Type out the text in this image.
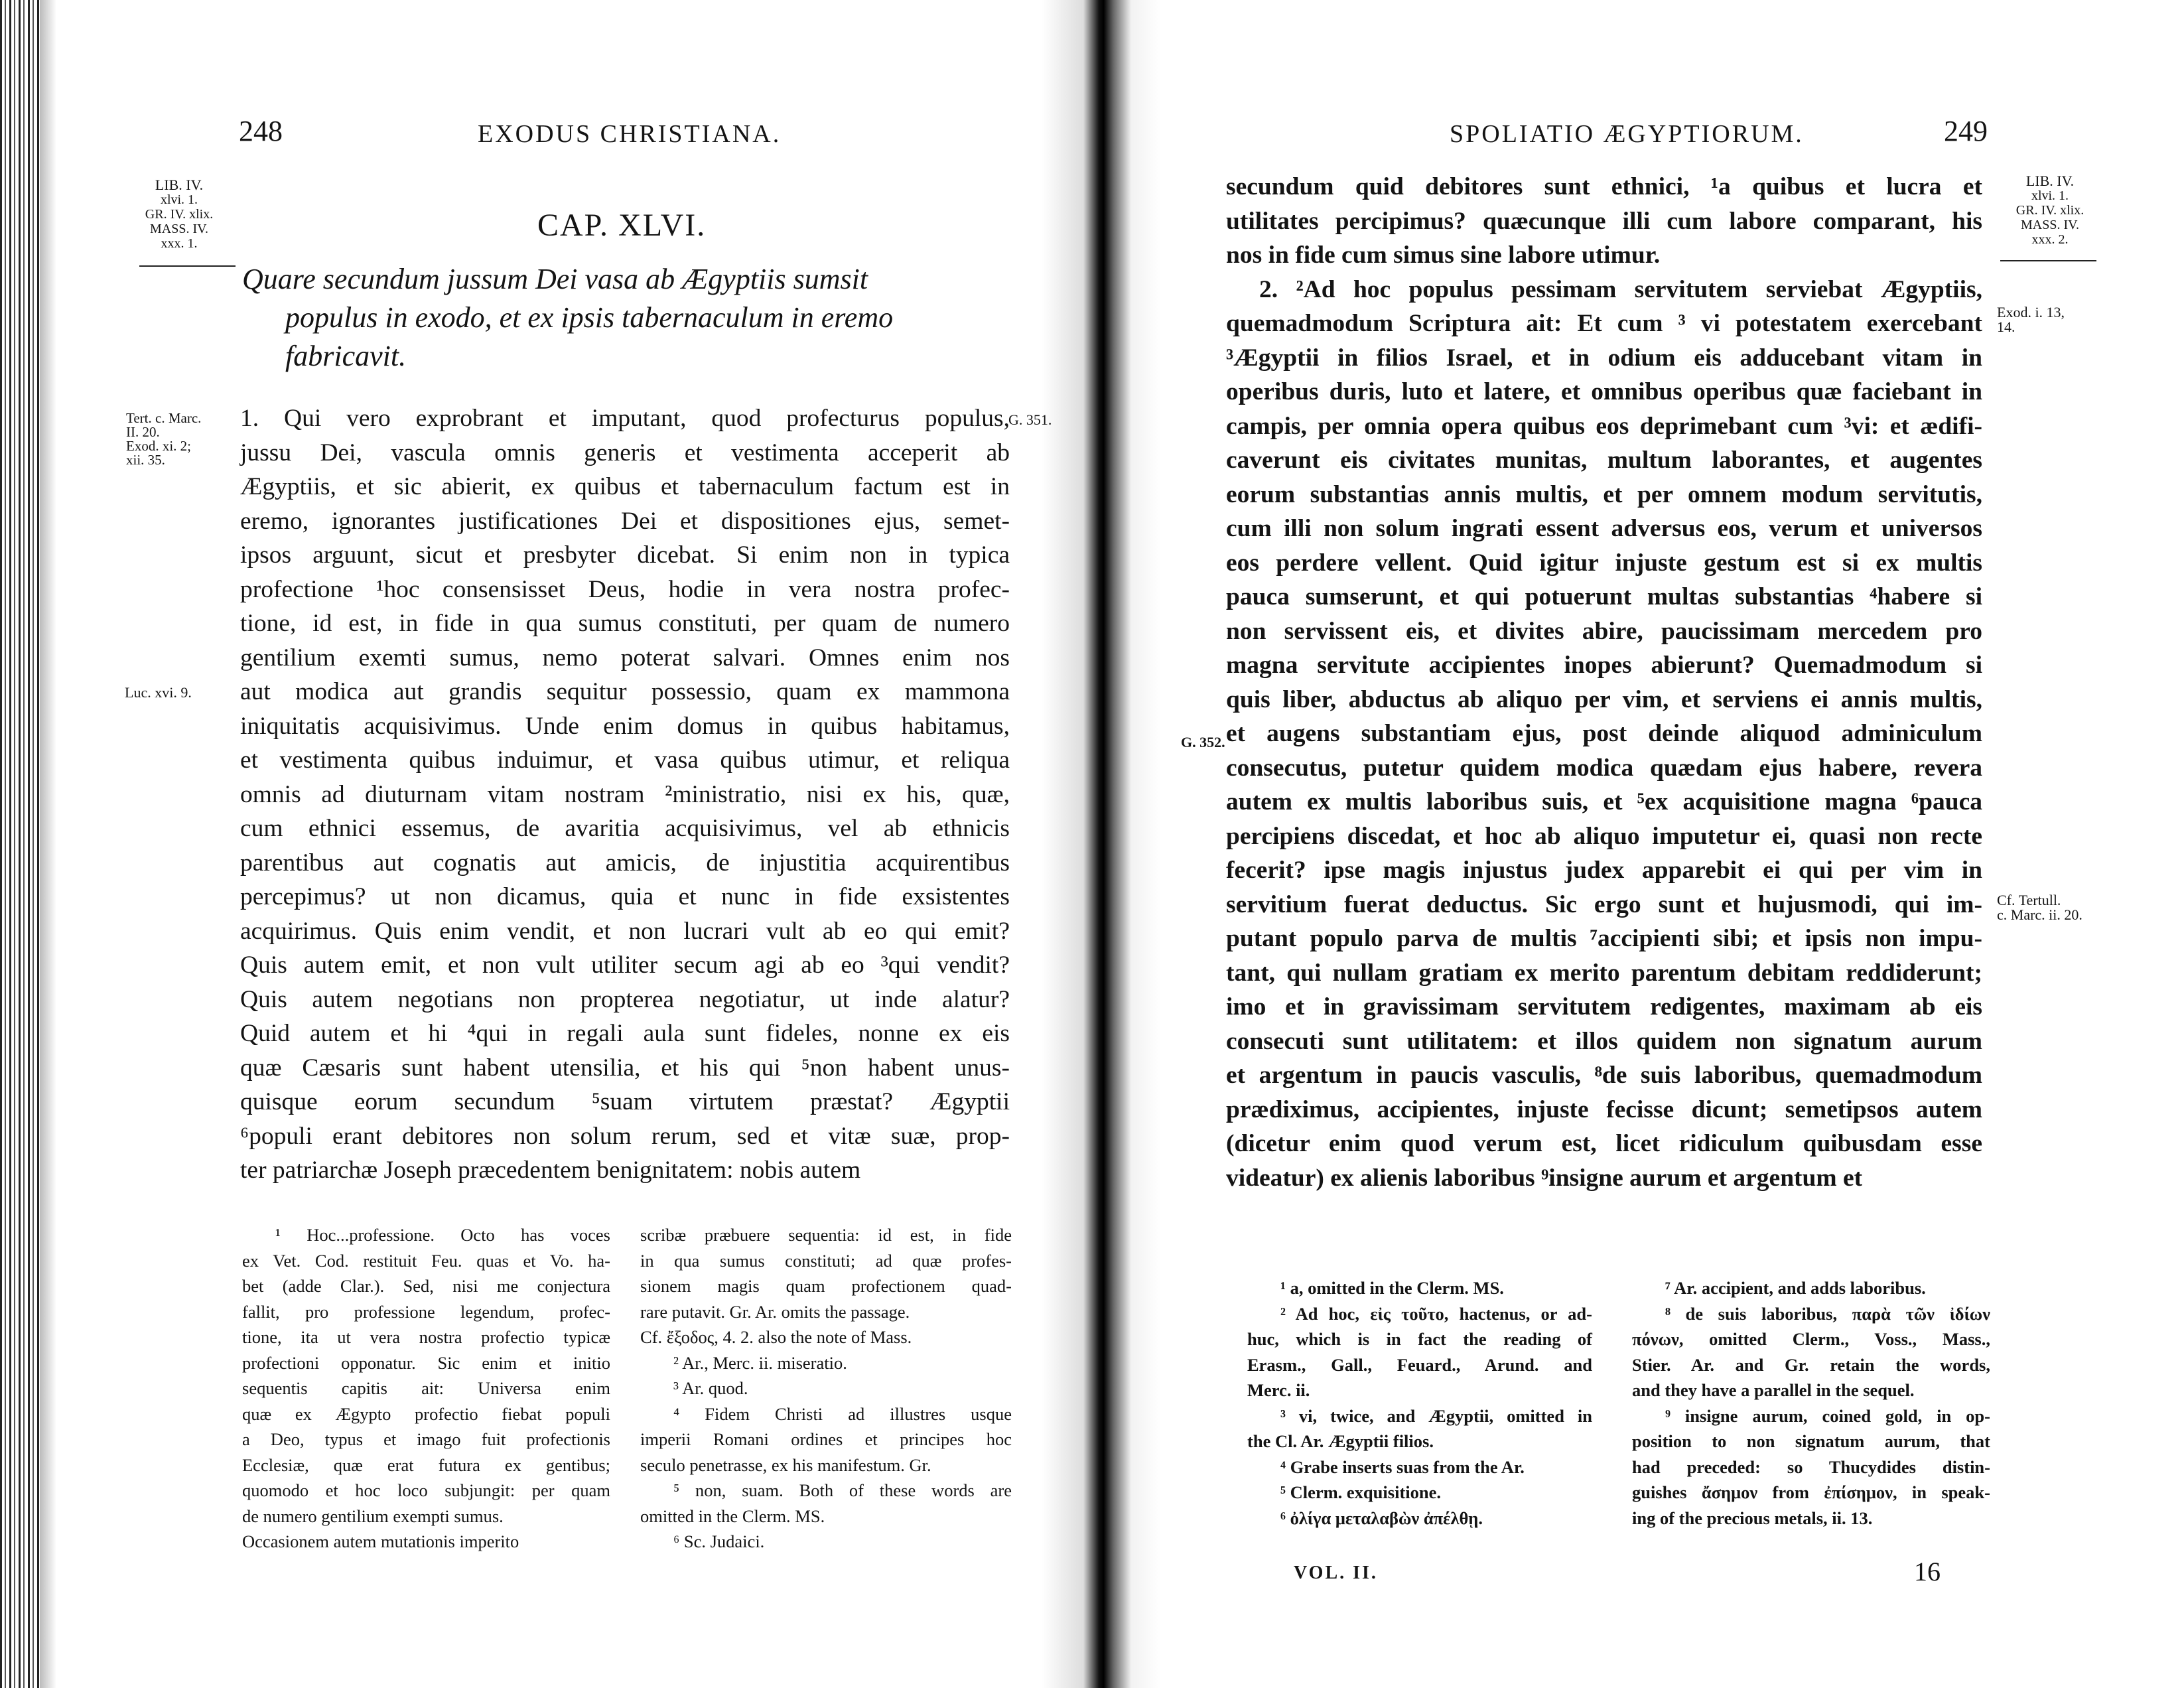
248	EXODUS CHRISTIANA.
LIB. IV.
xlvi. 1.
GR. IV. xlix.
MASS. IV.
xxx. 1.
CAP. XLVI.
Quare secundum jussum Dei vasa ab Ægyptiis sumsit
populus in exodo, et ex ipsis tabernaculum in eremo
fabricavit.
Tert. c. Marc.
II. 20.
Exod. xi. 2;
xii. 35.
G. 351.
Luc. xvi. 9.
1. Qui vero exprobrant et imputant, quod profecturus populus,
jussu Dei, vascula omnis generis et vestimenta acceperit ab
Ægyptiis, et sic abierit, ex quibus et tabernaculum factum est in
eremo, ignorantes justificationes Dei et dispositiones ejus, semet-
ipsos arguunt, sicut et presbyter dicebat. Si enim non in typica
profectione ¹hoc consensisset Deus, hodie in vera nostra profec-
tione, id est, in fide in qua sumus constituti, per quam de numero
gentilium exemti sumus, nemo poterat salvari. Omnes enim nos
aut modica aut grandis sequitur possessio, quam ex mammona
iniquitatis acquisivimus. Unde enim domus in quibus habitamus,
et vestimenta quibus induimur, et vasa quibus utimur, et reliqua
omnis ad diuturnam vitam nostram ²ministratio, nisi ex his, quæ,
cum ethnici essemus, de avaritia acquisivimus, vel ab ethnicis
parentibus aut cognatis aut amicis, de injustitia acquirentibus
percepimus? ut non dicamus, quia et nunc in fide exsistentes
acquirimus. Quis enim vendit, et non lucrari vult ab eo qui emit?
Quis autem emit, et non vult utiliter secum agi ab eo ³qui vendit?
Quis autem negotians non propterea negotiatur, ut inde alatur?
Quid autem et hi ⁴qui in regali aula sunt fideles, nonne ex eis
quæ Cæsaris sunt habent utensilia, et his qui ⁵non habent unus-
quisque eorum secundum ⁵suam virtutem præstat? Ægyptii
⁶populi erant debitores non solum rerum, sed et vitæ suæ, prop-
ter patriarchæ Joseph præcedentem benignitatem: nobis autem
¹ Hoc...professione. Octo has voces
ex Vet. Cod. restituit Feu. quas et Vo. ha-
bet (adde Clar.). Sed, nisi me conjectura
fallit, pro professione legendum, profec-
tione, ita ut vera nostra profectio typicæ
profectioni opponatur. Sic enim et initio
sequentis capitis ait: Universa enim
quæ ex Ægypto profectio fiebat populi
a Deo, typus et imago fuit profectionis
Ecclesiæ, quæ erat futura ex gentibus;
quomodo et hoc loco subjungit: per quam
de numero gentilium exempti sumus.
Occasionem autem mutationis imperito
scribæ præbuere sequentia: id est, in fide
in qua sumus constituti; ad quæ profes-
sionem magis quam profectionem quad-
rare putavit. Gr. Ar. omits the passage.
Cf. ἔξοδος, 4. 2. also the note of Mass.
² Ar., Merc. ii. miseratio.
³ Ar. quod.
⁴ Fidem Christi ad illustres usque
imperii Romani ordines et principes hoc
seculo penetrasse, ex his manifestum. Gr.
⁵ non, suam. Both of these words are
omitted in the Clerm. MS.
⁶ Sc. Judaici.
SPOLIATIO ÆGYPTIORUM.	249
LIB. IV.
xlvi. 1.
GR. IV. xlix.
MASS. IV.
xxx. 2.
Exod. i. 13,
14.
G. 352.
Cf. Tertull.
c. Marc. ii. 20.
secundum quid debitores sunt ethnici, ¹a quibus et lucra et
utilitates percipimus? quæcunque illi cum labore comparant, his
nos in fide cum simus sine labore utimur.
2. ²Ad hoc populus pessimam servitutem serviebat Ægyptiis,
quemadmodum Scriptura ait: Et cum ³ vi potestatem exercebant
³Ægyptii in filios Israel, et in odium eis adducebant vitam in
operibus duris, luto et latere, et omnibus operibus quæ faciebant in
campis, per omnia opera quibus eos deprimebant cum ³vi: et ædifi-
caverunt eis civitates munitas, multum laborantes, et augentes
eorum substantias annis multis, et per omnem modum servitutis,
cum illi non solum ingrati essent adversus eos, verum et universos
eos perdere vellent. Quid igitur injuste gestum est si ex multis
pauca sumserunt, et qui potuerunt multas substantias ⁴habere si
non servissent eis, et divites abire, paucissimam mercedem pro
magna servitute accipientes inopes abierunt? Quemadmodum si
quis liber, abductus ab aliquo per vim, et serviens ei annis multis,
et augens substantiam ejus, post deinde aliquod adminiculum
consecutus, putetur quidem modica quædam ejus habere, revera
autem ex multis laboribus suis, et ⁵ex acquisitione magna ⁶pauca
percipiens discedat, et hoc ab aliquo imputetur ei, quasi non recte
fecerit? ipse magis injustus judex apparebit ei qui per vim in
servitium fuerat deductus. Sic ergo sunt et hujusmodi, qui im-
putant populo parva de multis ⁷accipienti sibi; et ipsis non impu-
tant, qui nullam gratiam ex merito parentum debitam reddiderunt;
imo et in gravissimam servitutem redigentes, maximam ab eis
consecuti sunt utilitatem: et illos quidem non signatum aurum
et argentum in paucis vasculis, ⁸de suis laboribus, quemadmodum
prædiximus, accipientes, injuste fecisse dicunt; semetipsos autem
(dicetur enim quod verum est, licet ridiculum quibusdam esse
videatur) ex alienis laboribus ⁹insigne aurum et argentum et
¹ a, omitted in the Clerm. MS.
² Ad hoc, εἰς τοῦτο, hactenus, or ad-
huc, which is in fact the reading of
Erasm., Gall., Feuard., Arund. and
Merc. ii.
³ vi, twice, and Ægyptii, omitted in
the Cl. Ar. Ægyptii filios.
⁴ Grabe inserts suas from the Ar.
⁵ Clerm. exquisitione.
⁶ ὀλίγα μεταλαβὼν ἀπέλθῃ.
⁷ Ar. accipient, and adds laboribus.
⁸ de suis laboribus, παρὰ τῶν ἰδίων
πόνων, omitted Clerm., Voss., Mass.,
Stier. Ar. and Gr. retain the words,
and they have a parallel in the sequel.
⁹ insigne aurum, coined gold, in op-
position to non signatum aurum, that
had preceded: so Thucydides distin-
guishes ἄσημον from ἐπίσημον, in speak-
ing of the precious metals, ii. 13.
VOL. II.	16
